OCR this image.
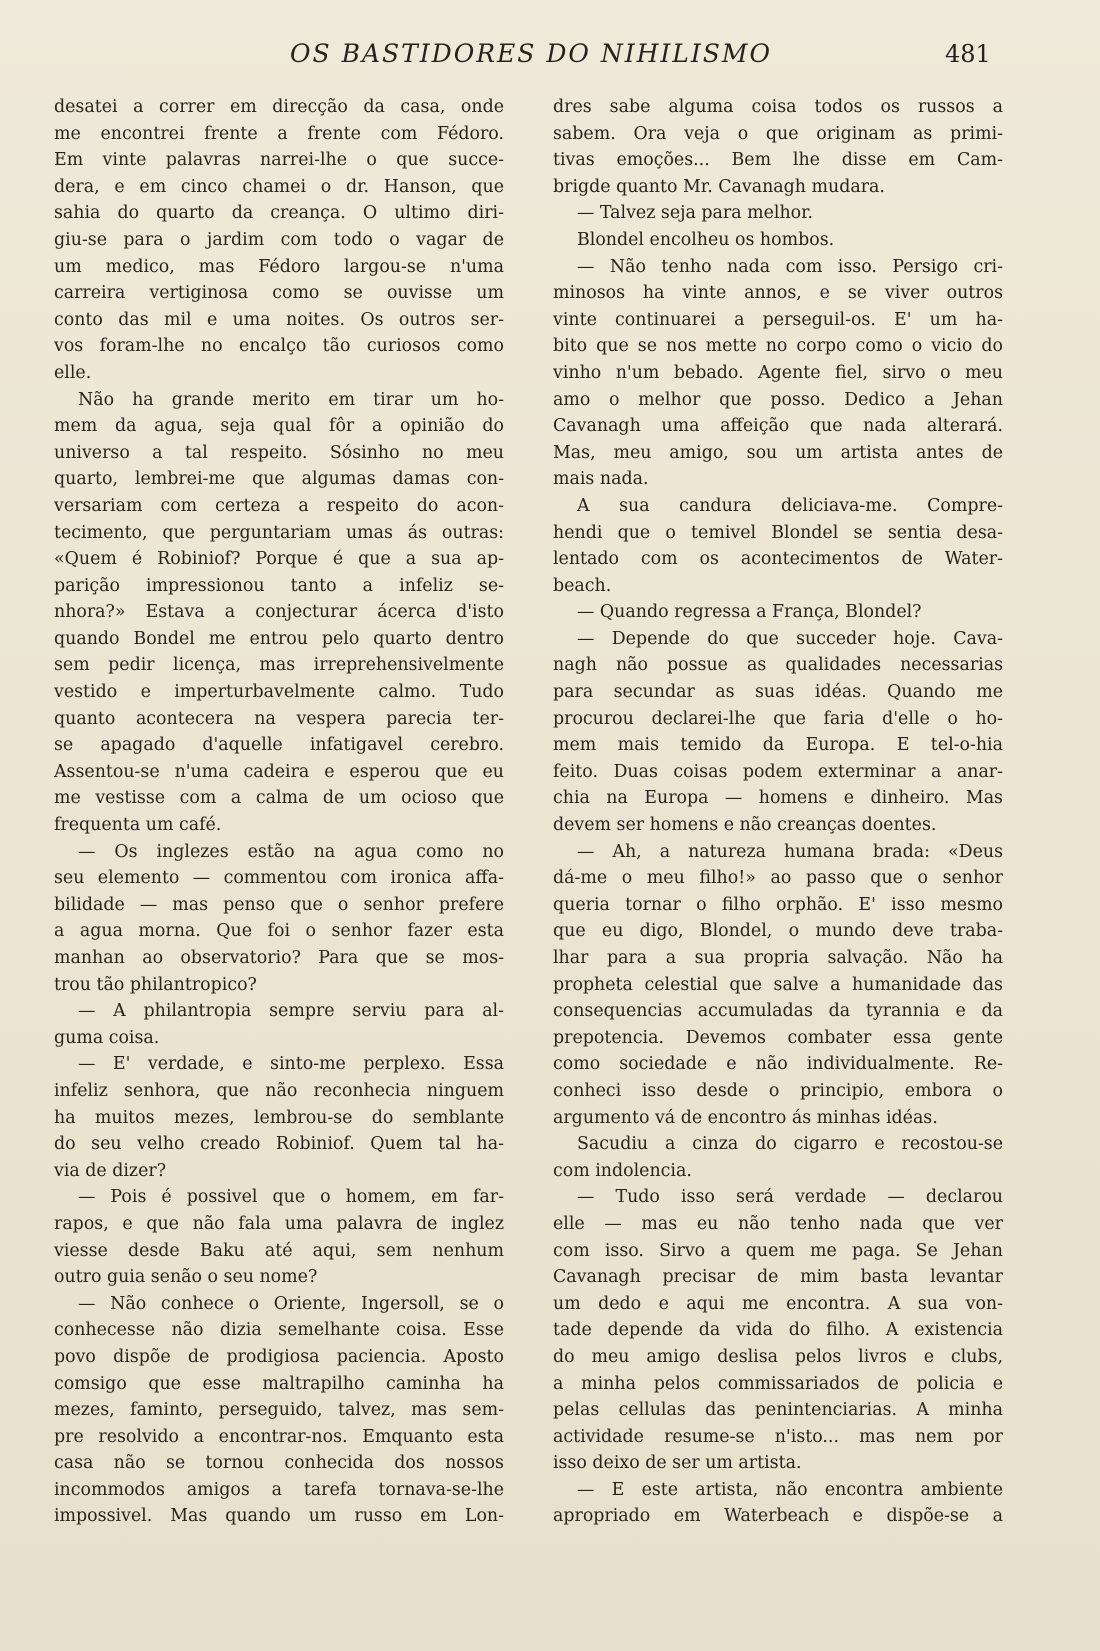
OS BASTIDORES DO NIHILISMO	481
desatei a correr em direcção da casa, onde
me encontrei frente a frente com Fédoro.
Em vinte palavras narrei-lhe o que succe-
dera, e em cinco chamei o dr. Hanson, que
sahia do quarto da creança. O ultimo diri-
giu-se para o jardim com todo o vagar de
um medico, mas Fédoro largou-se n'uma
carreira vertiginosa como se ouvisse um
conto das mil e uma noites. Os outros ser-
vos foram-lhe no encalço tão curiosos como
elle.
Não ha grande merito em tirar um ho-
mem da agua, seja qual fôr a opinião do
universo a tal respeito. Sósinho no meu
quarto, lembrei-me que algumas damas con-
versariam com certeza a respeito do acon-
tecimento, que perguntariam umas ás outras:
«Quem é Robiniof? Porque é que a sua ap-
parição impressionou tanto a infeliz se-
nhora?» Estava a conjecturar ácerca d'isto
quando Bondel me entrou pelo quarto dentro
sem pedir licença, mas irreprehensivelmente
vestido e imperturbavelmente calmo. Tudo
quanto acontecera na vespera parecia ter-
se apagado d'aquelle infatigavel cerebro.
Assentou-se n'uma cadeira e esperou que eu
me vestisse com a calma de um ocioso que
frequenta um café.
— Os inglezes estão na agua como no
seu elemento — commentou com ironica affa-
bilidade — mas penso que o senhor prefere
a agua morna. Que foi o senhor fazer esta
manhan ao observatorio? Para que se mos-
trou tão philantropico?
— A philantropia sempre serviu para al-
guma coisa.
— E' verdade, e sinto-me perplexo. Essa
infeliz senhora, que não reconhecia ninguem
ha muitos mezes, lembrou-se do semblante
do seu velho creado Robiniof. Quem tal ha-
via de dizer?
— Pois é possivel que o homem, em far-
rapos, e que não fala uma palavra de inglez
viesse desde Baku até aqui, sem nenhum
outro guia senão o seu nome?
— Não conhece o Oriente, Ingersoll, se o
conhecesse não dizia semelhante coisa. Esse
povo dispõe de prodigiosa paciencia. Aposto
comsigo que esse maltrapilho caminha ha
mezes, faminto, perseguido, talvez, mas sem-
pre resolvido a encontrar-nos. Emquanto esta
casa não se tornou conhecida dos nossos
incommodos amigos a tarefa tornava-se-lhe
impossivel. Mas quando um russo em Lon-
dres sabe alguma coisa todos os russos a
sabem. Ora veja o que originam as primi-
tivas emoções... Bem lhe disse em Cam-
brigde quanto Mr. Cavanagh mudara.
— Talvez seja para melhor.
Blondel encolheu os hombos.
— Não tenho nada com isso. Persigo cri-
minosos ha vinte annos, e se viver outros
vinte continuarei a perseguil-os. E' um ha-
bito que se nos mette no corpo como o vicio do
vinho n'um bebado. Agente fiel, sirvo o meu
amo o melhor que posso. Dedico a Jehan
Cavanagh uma affeição que nada alterará.
Mas, meu amigo, sou um artista antes de
mais nada.
A sua candura deliciava-me. Compre-
hendi que o temivel Blondel se sentia desa-
lentado com os acontecimentos de Water-
beach.
— Quando regressa a França, Blondel?
— Depende do que succeder hoje. Cava-
nagh não possue as qualidades necessarias
para secundar as suas idéas. Quando me
procurou declarei-lhe que faria d'elle o ho-
mem mais temido da Europa. E tel-o-hia
feito. Duas coisas podem exterminar a anar-
chia na Europa — homens e dinheiro. Mas
devem ser homens e não creanças doentes.
— Ah, a natureza humana brada: «Deus
dá-me o meu filho!» ao passo que o senhor
queria tornar o filho orphão. E' isso mesmo
que eu digo, Blondel, o mundo deve traba-
lhar para a sua propria salvação. Não ha
propheta celestial que salve a humanidade das
consequencias accumuladas da tyrannia e da
prepotencia. Devemos combater essa gente
como sociedade e não individualmente. Re-
conheci isso desde o principio, embora o
argumento vá de encontro ás minhas idéas.
Sacudiu a cinza do cigarro e recostou-se
com indolencia.
— Tudo isso será verdade — declarou
elle — mas eu não tenho nada que ver
com isso. Sirvo a quem me paga. Se Jehan
Cavanagh precisar de mim basta levantar
um dedo e aqui me encontra. A sua von-
tade depende da vida do filho. A existencia
do meu amigo deslisa pelos livros e clubs,
a minha pelos commissariados de policia e
pelas cellulas das penintenciarias. A minha
actividade resume-se n'isto... mas nem por
isso deixo de ser um artista.
— E este artista, não encontra ambiente
apropriado em Waterbeach e dispõe-se a
